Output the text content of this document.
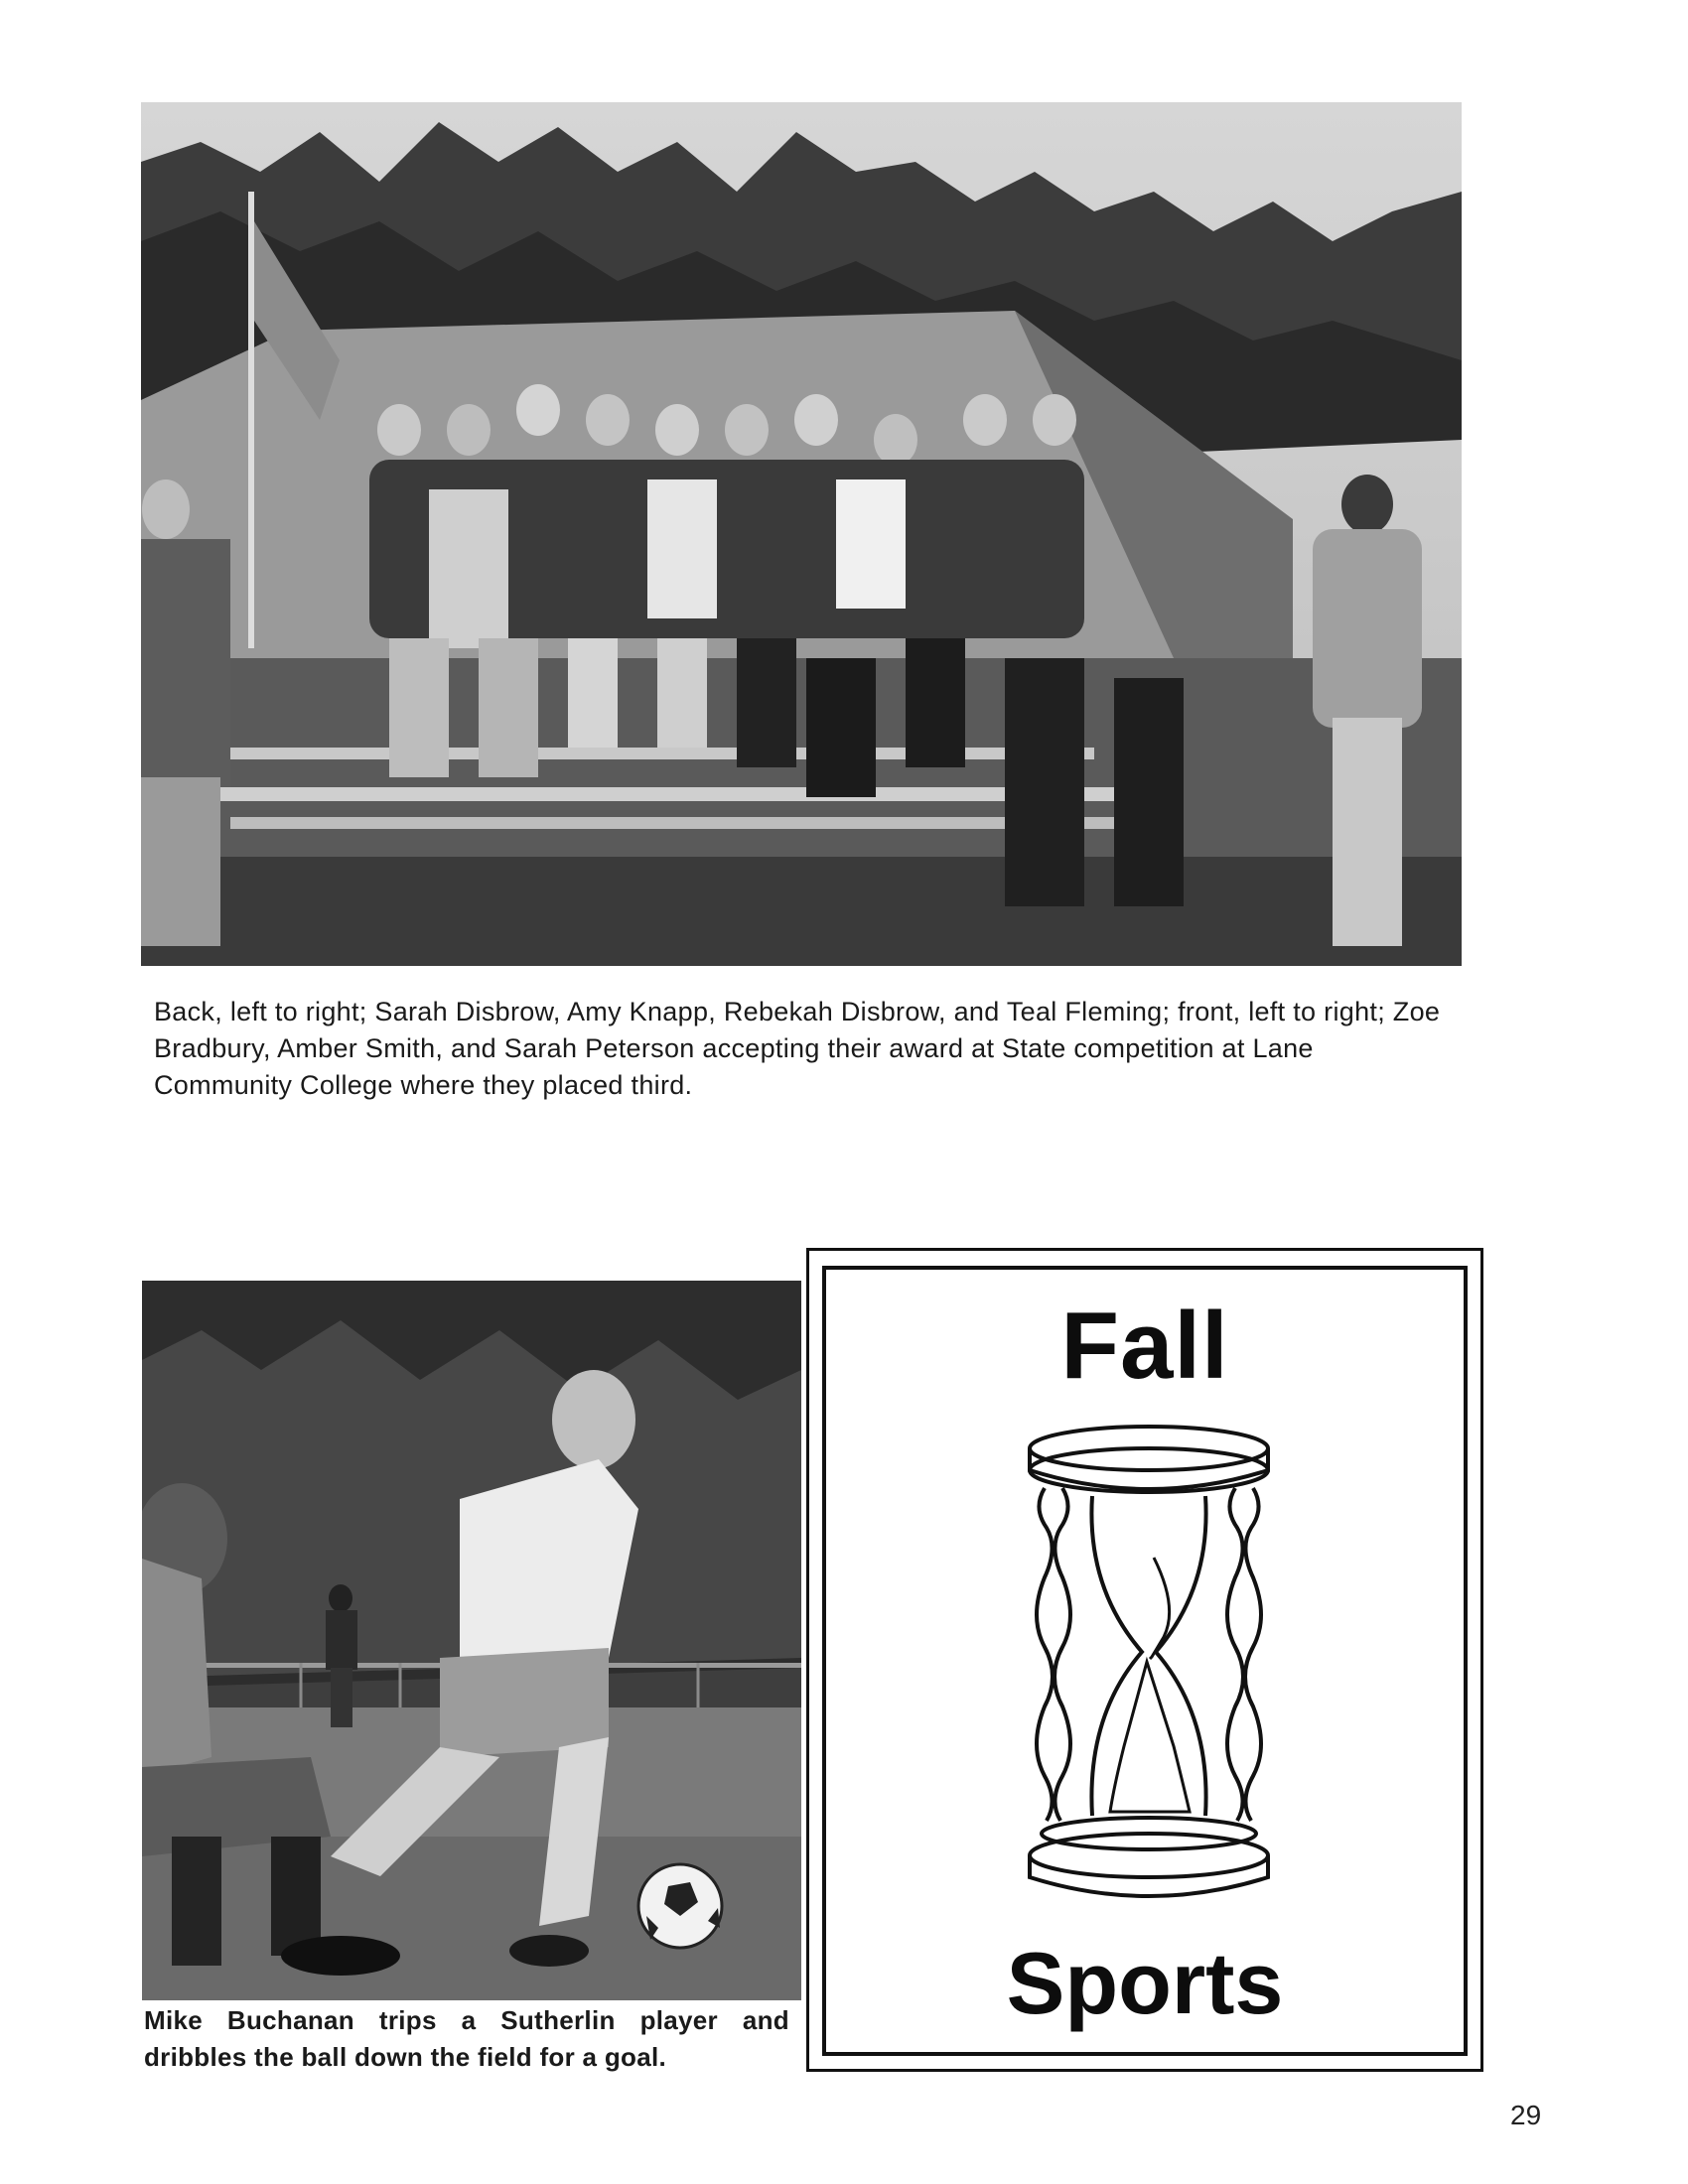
Back, left to right; Sarah Disbrow, Amy Knapp, Rebekah Disbrow, and Teal Fleming; front, left to right; Zoe Bradbury, Amber Smith, and Sarah Peterson accepting their award at State competition at Lane Community College where they placed third.
Mike Buchanan trips a Sutherlin player and
dribbles the ball down the field for a goal.
Fall
Sports
29
